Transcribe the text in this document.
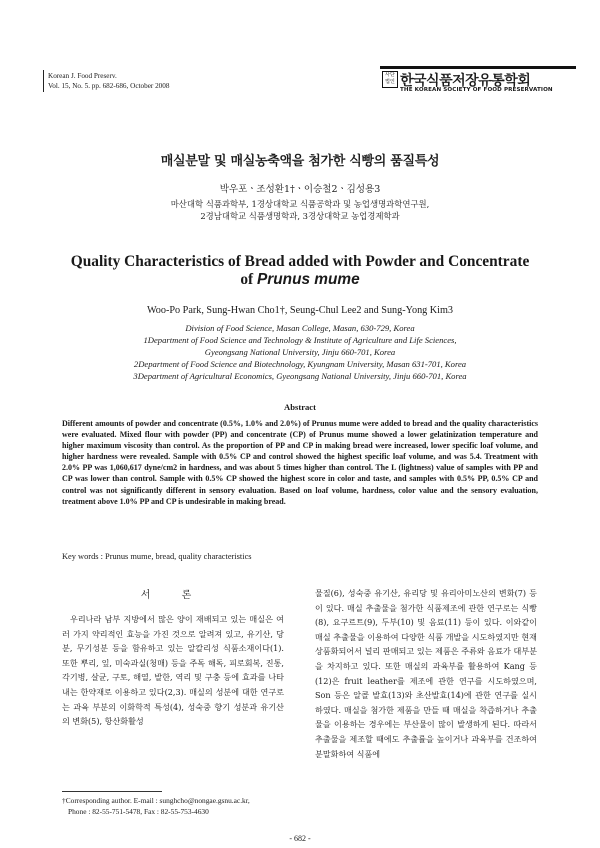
Korean J. Food Preserv.
Vol. 15, No. 5. pp. 682-686, October 2008
사단법인 한국식품저장유통학회
THE KOREAN SOCIETY OF FOOD PRESERVATION
매실분말 및 매실농축액을 첨가한 식빵의 품질특성
박우포ㆍ조성환1†ㆍ이승철2ㆍ김성용3
마산대학 식품과학부, 1경상대학교 식품공학과 및 농업생명과학연구원,
2경남대학교 식품생명학과, 3경상대학교 농업경제학과
Quality Characteristics of Bread added with Powder and Concentrate
of Prunus mume
Woo-Po Park, Sung-Hwan Cho1†, Seung-Chul Lee2 and Sung-Yong Kim3
Division of Food Science, Masan College, Masan, 630-729, Korea
1Department of Food Science and Technology & Institute of Agriculture and Life Sciences,
Gyeongsang National University, Jinju 660-701, Korea
2Department of Food Science and Biotechnology, Kyungnam University, Masan 631-701, Korea
3Department of Agricultural Economics, Gyeongsang National University, Jinju 660-701, Korea
Abstract
Different amounts of powder and concentrate (0.5%, 1.0% and 2.0%) of Prunus mume were added to bread and the quality characteristics were evaluated. Mixed flour with powder (PP) and concentrate (CP) of Prunus mume showed a lower gelatinization temperature and higher maximum viscosity than control. As the proportion of PP and CP in making bread were increased, lower specific loaf volume, and higher hardness were revealed. Sample with 0.5% CP and control showed the highest specific loaf volume, and was 5.4. Treatment with 2.0% PP was 1,060,617 dyne/cm2 in hardness, and was about 5 times higher than control. The L (lightness) value of samples with PP and CP was lower than control. Sample with 0.5% CP showed the highest score in color and taste, and samples with 0.5% PP, 0.5% CP and control was not significantly different in sensory evaluation. Based on loaf volume, hardness, color value and the sensory evaluation, treatment above 1.0% PP and CP is undesirable in making bread.
Key words : Prunus mume, bread, quality characteristics
서 론

우리나라 남부 지방에서 많은 양이 재배되고 있는 매실은 여러 가지 약리적인 효능을 가진 것으로 알려져 있고, 유기산, 당분, 무기성분 등을 함유하고 있는 알칼리성 식품소재이다(1). 또한 뿌리, 잎, 미숙과실(청매) 등을 주독 해독, 피로회복, 진통, 각기병, 살균, 구토, 해열, 발한, 역리 및 구충 등에 효과를 나타내는 한약재로 이용하고 있다(2,3). 매실의 성분에 대한 연구로는 과육 부분의 이화학적 특성(4), 성숙중 향기 성분과 유기산의 변화(5), 항산화활성

물질(6), 성숙중 유기산, 유리당 및 유리아미노산의 변화(7) 등이 있다. 매실 추출물을 첨가한 식품제조에 관한 연구로는 식빵(8), 요구르트(9), 두부(10) 및 음료(11) 등이 있다. 이와같이 매실 추출물을 이용하여 다양한 식품 개발을 시도하였지만 현재 상품화되어서 널리 판매되고 있는 제품은 주류와 음료가 대부분을 차지하고 있다. 또한 매실의 과육부를 활용하여 Kang 등(12)은 fruit leather를 제조에 관한 연구를 시도하였으며, Son 등은 알콜 발효(13)와 초산발효(14)에 관한 연구를 실시하였다. 매실을 첨가한 제품을 만들 때 매실을 착즙하거나 추출물을 이용하는 경우에는 부산물이 많이 발생하게 된다. 따라서 추출물을 제조할 때에도 추출률을 높이거나 과육부를 건조하여 분말화하여 식품에

†Corresponding author. E-mail : sunghcho@nongae.gsnu.ac.kr,
Phone : 82-55-751-5478, Fax : 82-55-753-4630
- 682 -
